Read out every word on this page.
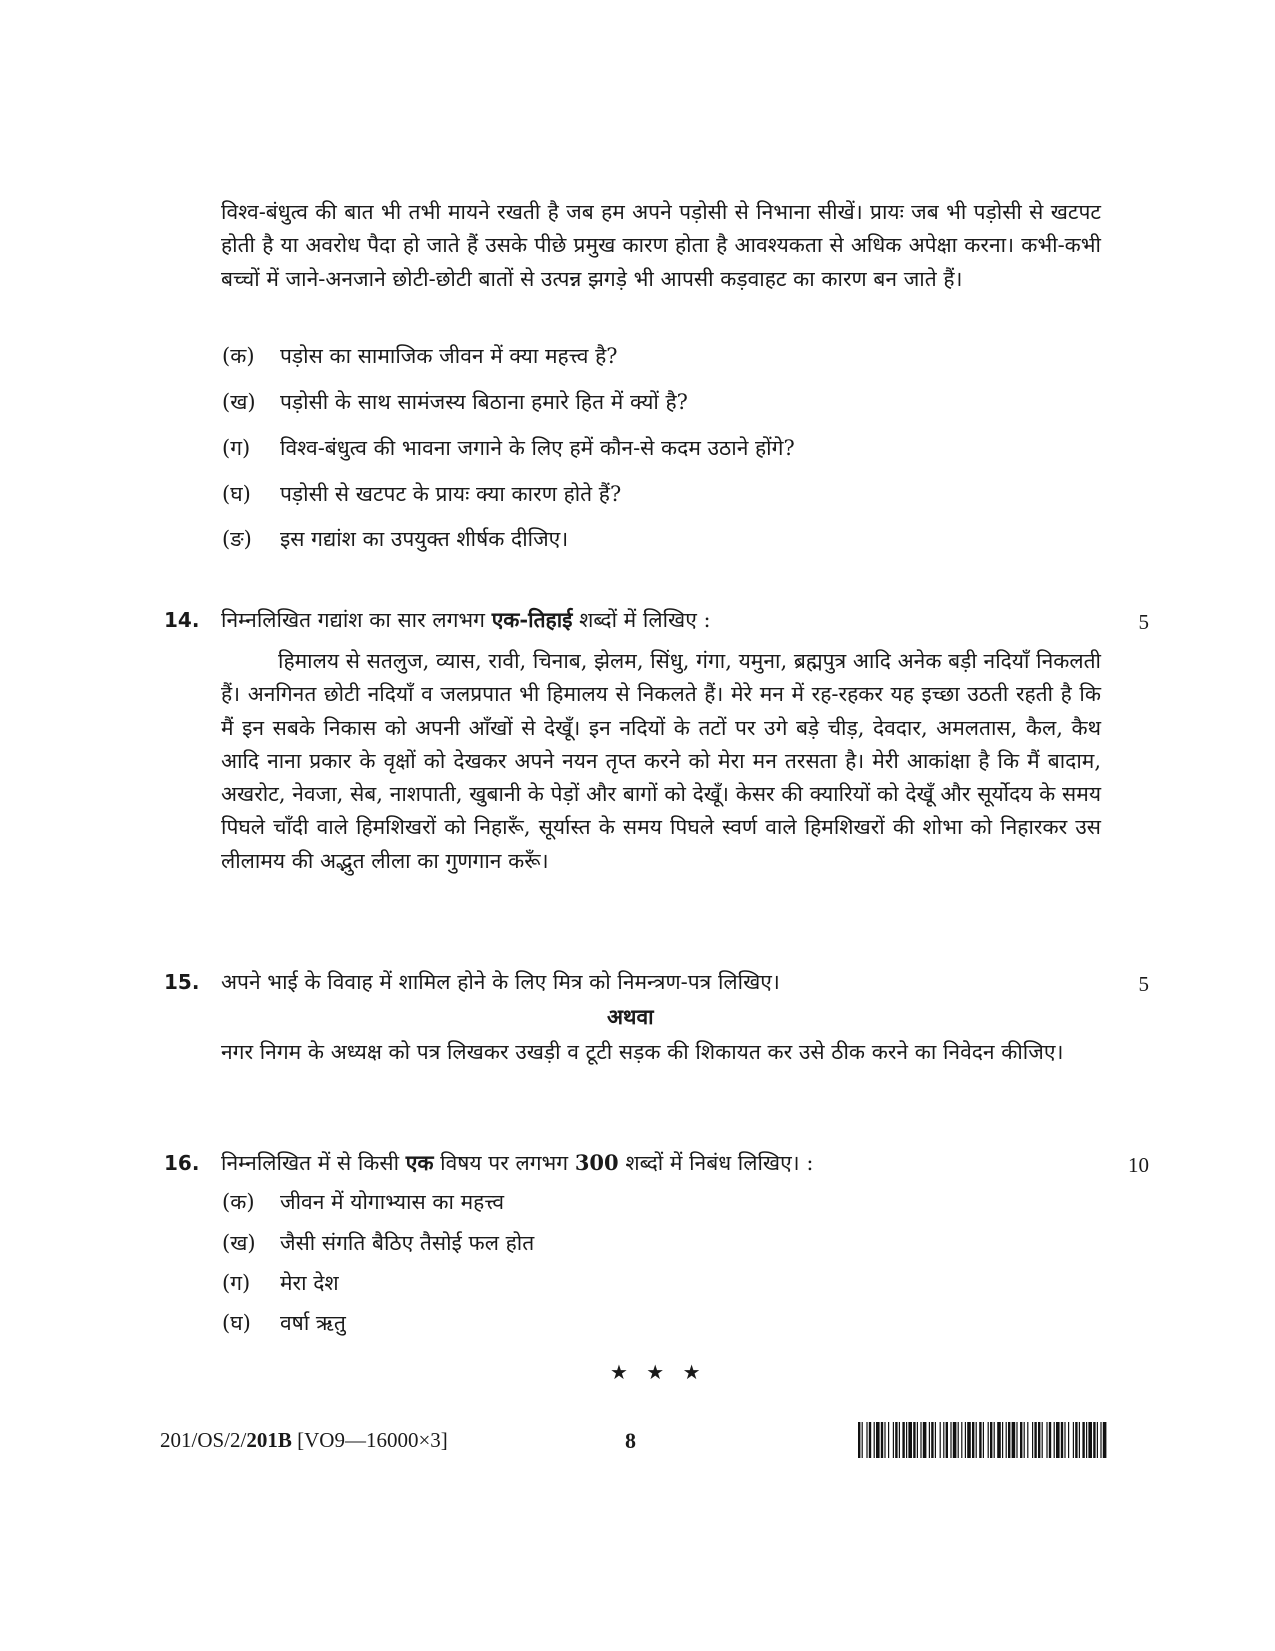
विश्व-बंधुत्व की बात भी तभी मायने रखती है जब हम अपने पड़ोसी से निभाना सीखें। प्रायः जब भी पड़ोसी से खटपट होती है या अवरोध पैदा हो जाते हैं उसके पीछे प्रमुख कारण होता है आवश्यकता से अधिक अपेक्षा करना। कभी-कभी बच्चों में जाने-अनजाने छोटी-छोटी बातों से उत्पन्न झगड़े भी आपसी कड़वाहट का कारण बन जाते हैं।
(क) पड़ोस का सामाजिक जीवन में क्या महत्त्व है?
(ख) पड़ोसी के साथ सामंजस्य बिठाना हमारे हित में क्यों है?
(ग) विश्व-बंधुत्व की भावना जगाने के लिए हमें कौन-से कदम उठाने होंगे?
(घ) पड़ोसी से खटपट के प्रायः क्या कारण होते हैं?
(ङ) इस गद्यांश का उपयुक्त शीर्षक दीजिए।
14. निम्नलिखित गद्यांश का सार लगभग एक-तिहाई शब्दों में लिखिए :	5
हिमालय से सतलुज, व्यास, रावी, चिनाब, झेलम, सिंधु, गंगा, यमुना, ब्रह्मपुत्र आदि अनेक बड़ी नदियाँ निकलती हैं। अनगिनत छोटी नदियाँ व जलप्रपात भी हिमालय से निकलते हैं। मेरे मन में रह-रहकर यह इच्छा उठती रहती है कि मैं इन सबके निकास को अपनी आँखों से देखूँ। इन नदियों के तटों पर उगे बड़े चीड़, देवदार, अमलतास, कैल, कैथ आदि नाना प्रकार के वृक्षों को देखकर अपने नयन तृप्त करने को मेरा मन तरसता है। मेरी आकांक्षा है कि मैं बादाम, अखरोट, नेवजा, सेब, नाशपाती, खुबानी के पेड़ों और बागों को देखूँ। केसर की क्यारियों को देखूँ और सूर्योदय के समय पिघले चाँदी वाले हिमशिखरों को निहारूँ, सूर्यास्त के समय पिघले स्वर्ण वाले हिमशिखरों की शोभा को निहारकर उस लीलामय की अद्भुत लीला का गुणगान करूँ।
15. अपने भाई के विवाह में शामिल होने के लिए मित्र को निमन्त्रण-पत्र लिखिए।	5
अथवा
नगर निगम के अध्यक्ष को पत्र लिखकर उखड़ी व टूटी सड़क की शिकायत कर उसे ठीक करने का निवेदन कीजिए।
16. निम्नलिखित में से किसी एक विषय पर लगभग 300 शब्दों में निबंध लिखिए। :	10
(क) जीवन में योगाभ्यास का महत्त्व
(ख) जैसी संगति बैठिए तैसोई फल होत
(ग) मेरा देश
(घ) वर्षा ऋतु
★ ★ ★
201/OS/2/201B [VO9—16000×3]	8
